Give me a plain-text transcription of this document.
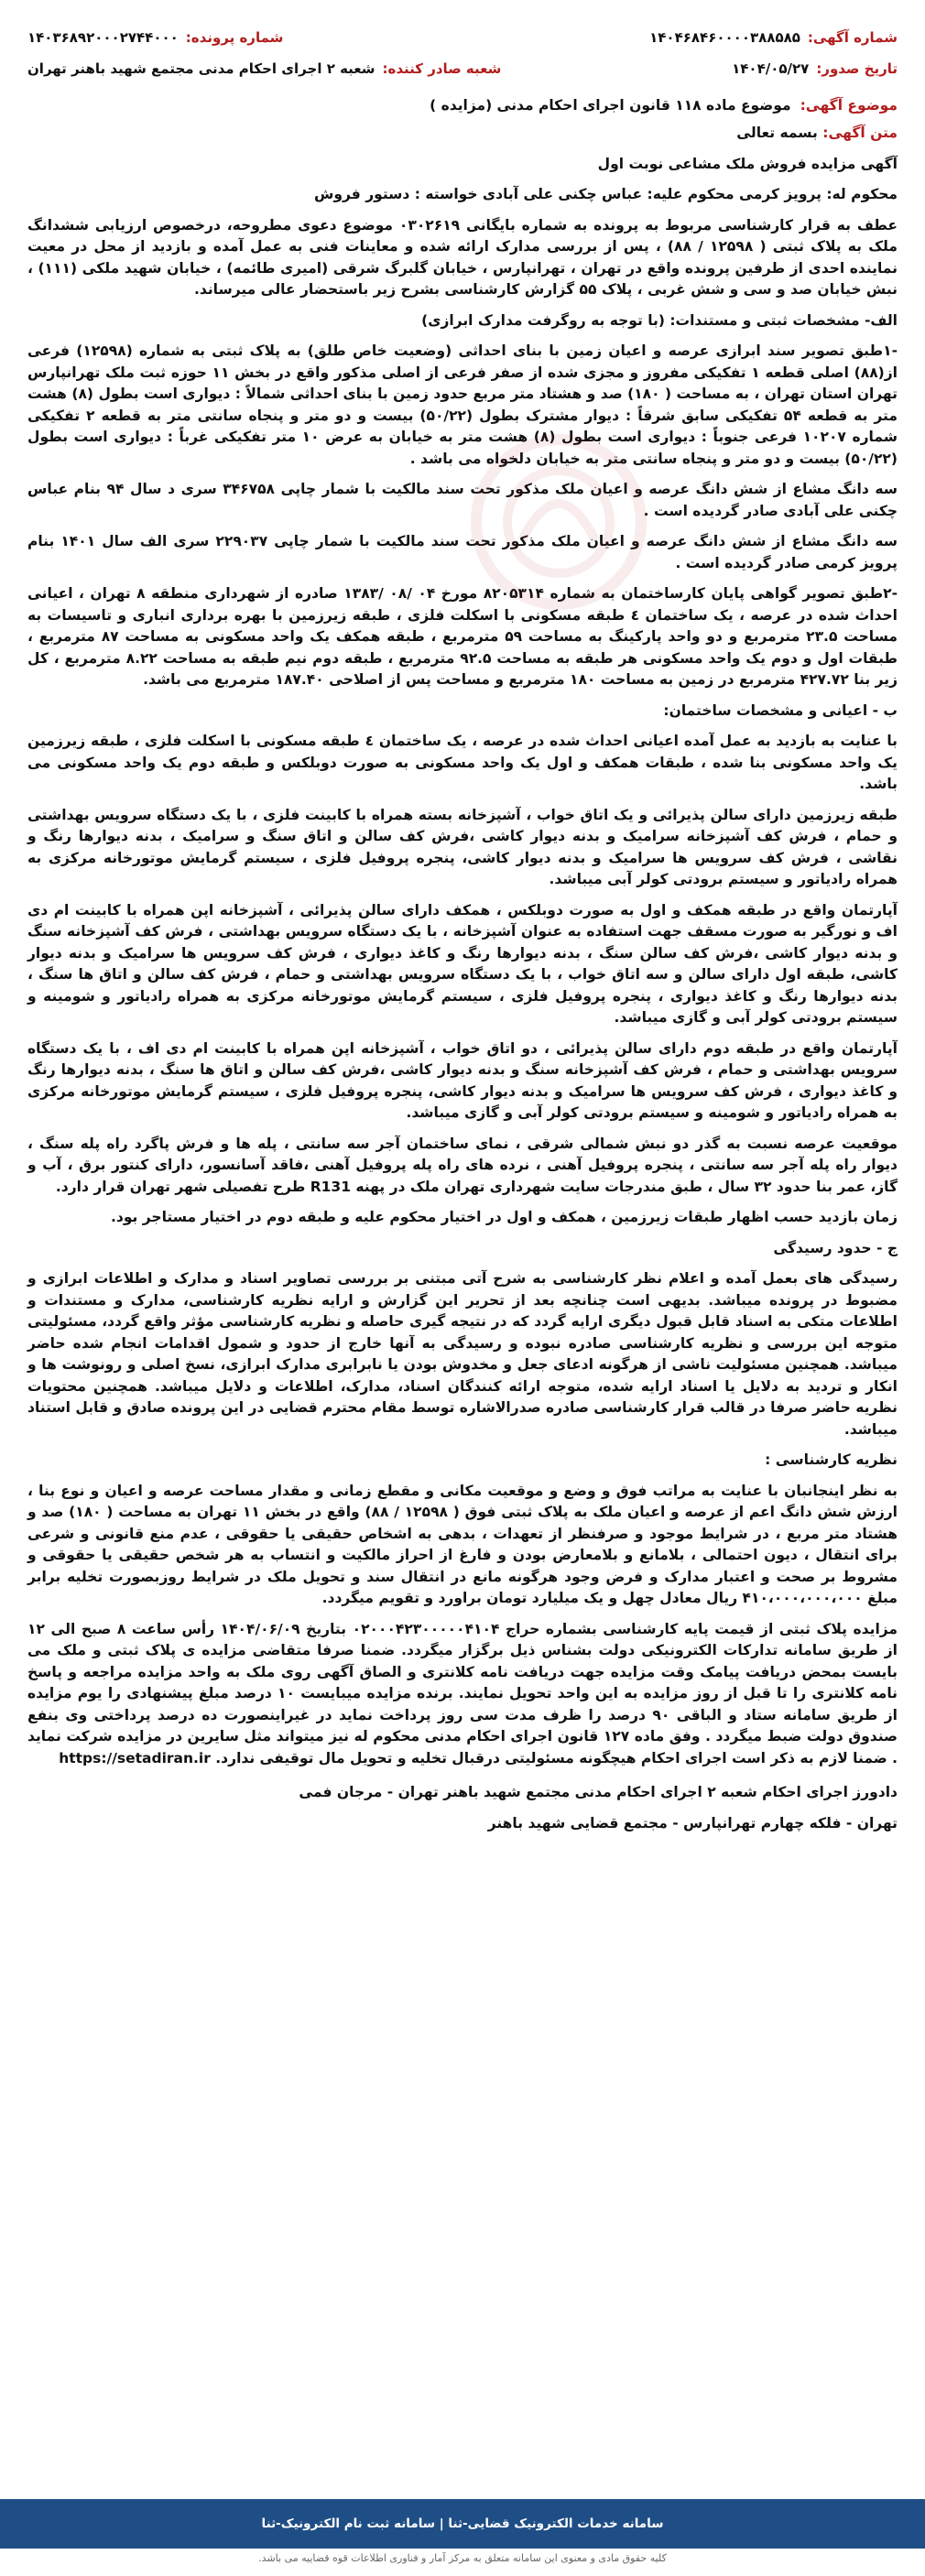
شماره آگهی:
۱۴۰۴۶۸۴۶۰۰۰۰۳۸۸۵۸۵
شماره پرونده:
۱۴۰۳۶۸۹۲۰۰۰۲۷۴۴۰۰۰
تاریخ صدور:
۱۴۰۴/۰۵/۲۷
شعبه صادر کننده:
شعبه ۲ اجرای احکام مدنی مجتمع شهید باهنر تهران
موضوع آگهی:
موضوع ماده ۱۱۸ قانون اجرای احکام مدنی (مزایده )

متن آگهی: بسمه تعالی

آگهی مزایده فروش ملک مشاعی نوبت اول

محکوم له: پرویز کرمی محکوم علیه: عباس چکنی علی آبادی خواسته : دستور فروش

عطف به قرار کارشناسی مربوط به پرونده به شماره بایگانی ۰۳۰۲۶۱۹ موضوع دعوی مطروحه، درخصوص ارزیابی ششدانگ ملک به پلاک ثبتی ( ۱۲۵۹۸ / ۸۸) ، پس از بررسی مدارک ارائه شده و معاینات فنی به عمل آمده و بازدید از محل در معیت نماینده احدی از طرفین پرونده واقع در تهران ، تهرانپارس ، خیابان گلبرگ شرقی (امیری طائمه) ، خیابان شهید ملکی (۱۱۱) ، نبش خیابان صد و سی و شش غربی ، پلاک ۵۵ گزارش کارشناسی بشرح زیر باستحضار عالی میرساند.

الف- مشخصات ثبتی و مستندات: (با توجه به روگرفت مدارک ابرازی)

-۱طبق تصویر سند ابرازی عرصه و اعیان زمین با بنای احداثی (وضعیت خاص طلق) به پلاک ثبتی به شماره (۱۲۵۹۸) فرعی از(۸۸) اصلی قطعه ۱ تفکیکی مفروز و مجزی شده از صفر فرعی از اصلی مذکور واقع در بخش ۱۱ حوزه ثبت ملک تهرانپارس تهران استان تهران ، به مساحت ( ۱۸۰) صد و هشتاد متر مربع حدود زمین با بنای احداثی شمالاً : دیواری است بطول (۸) هشت متر به قطعه ۵۴ تفکیکی سابق شرقاً : دیوار مشترک بطول (۵۰/۲۲) بیست و دو متر و پنجاه سانتی متر به قطعه ۲ تفکیکی شماره ۱۰۲۰۷ فرعی جنوباً : دیواری است بطول (۸) هشت متر به خیابان به عرض ۱۰ متر تفکیکی غرباً : دیواری است بطول (۵۰/۲۲) بیست و دو متر و پنجاه سانتی متر به خیابان دلخواه می باشد .

سه دانگ مشاع از شش دانگ عرصه و اعیان ملک مذکور تحت سند مالکیت با شمار چاپی ۳۴۶۷۵۸ سری د سال ۹۴ بنام عباس چکنی علی آبادی صادر گردیده است .

سه دانگ مشاع از شش دانگ عرصه و اعیان ملک مذکور تحت سند مالکیت با شمار چاپی ۲۲۹۰۳۷ سری الف سال ۱۴۰۱ بنام پرویز کرمی صادر گردیده است .

-۲طبق تصویر گواهی پایان کارساختمان به شماره ۸۲۰۵۳۱۴ مورخ ۰۴ /۰۸ /۱۳۸۳ صادره از شهرداری منطقه ۸ تهران ، اعیانی احداث شده در عرصه ، یک ساختمان ٤ طبقه مسکونی با اسکلت فلزی ، طبقه زیرزمین با بهره برداری انباری و تاسیسات به مساحت ۲۳.۵ مترمربع و دو واحد پارکینگ به مساحت ۵۹ مترمربع ، طبقه همکف یک واحد مسکونی به مساحت ۸۷ مترمربع ، طبقات اول و دوم یک واحد مسکونی هر طبقه به مساحت ۹۲.۵ مترمربع ، طبقه دوم نیم طبقه به مساحت ۸.۲۲ مترمربع ، کل زیر بنا ۴۲۷.۷۲ مترمربع در زمین به مساحت ۱۸۰ مترمربع و مساحت پس از اصلاحی ۱۸۷.۴۰ مترمربع می باشد.

ب - اعیانی و مشخصات ساختمان:

با عنایت به بازدید به عمل آمده اعیانی احداث شده در عرصه ، یک ساختمان ٤ طبقه مسکونی با اسکلت فلزی ، طبقه زیرزمین یک واحد مسکونی بنا شده ، طبقات همکف و اول یک واحد مسکونی به صورت دوبلکس و طبقه دوم یک واحد مسکونی می باشد.

طبقه زیرزمین دارای سالن پذیرائی و یک اتاق خواب ، آشپزخانه بسته همراه با کابینت فلزی ، با یک دستگاه سرویس بهداشتی و حمام ، فرش کف آشپزخانه سرامیک و بدنه دیوار کاشی ،فرش کف سالن و اتاق سنگ و سرامیک ، بدنه دیوارها رنگ و نقاشی ، فرش کف سرویس ها سرامیک و بدنه دیوار کاشی، پنجره پروفیل فلزی ، سیستم گرمایش موتورخانه مرکزی به همراه رادیاتور و سیستم برودتی کولر آبی میباشد.

آپارتمان واقع در طبقه همکف و اول به صورت دوبلکس ، همکف دارای سالن پذیرائی ، آشپزخانه اپن همراه با کابینت ام دی اف و نورگیر به صورت مسقف جهت استفاده به عنوان آشپزخانه ، با یک دستگاه سرویس بهداشتی ، فرش کف آشپزخانه سنگ و بدنه دیوار کاشی ،فرش کف سالن سنگ ، بدنه دیوارها رنگ و کاغذ دیواری ، فرش کف سرویس ها سرامیک و بدنه دیوار کاشی، طبقه اول دارای سالن و سه اتاق خواب ، با یک دستگاه سرویس بهداشتی و حمام ، فرش کف سالن و اتاق ها سنگ ، بدنه دیوارها رنگ و کاغذ دیواری ، پنجره پروفیل فلزی ، سیستم گرمایش موتورخانه مرکزی به همراه رادیاتور و شومینه و سیستم برودتی کولر آبی و گازی میباشد.

آپارتمان واقع در طبقه دوم دارای سالن پذیرائی ، دو اتاق خواب ، آشپزخانه اپن همراه با کابینت ام دی اف ، با یک دستگاه سرویس بهداشتی و حمام ، فرش کف آشپزخانه سنگ و بدنه دیوار کاشی ،فرش کف سالن و اتاق ها سنگ ، بدنه دیوارها رنگ و کاغذ دیواری ، فرش کف سرویس ها سرامیک و بدنه دیوار کاشی، پنجره پروفیل فلزی ، سیستم گرمایش موتورخانه مرکزی به همراه رادیاتور و شومینه و سیستم برودتی کولر آبی و گازی میباشد.

موقعیت عرصه نسبت به گذر دو نبش شمالی شرقی ، نمای ساختمان آجر سه سانتی ، پله ها و فرش پاگرد راه پله سنگ ، دیوار راه پله آجر سه سانتی ، پنجره پروفیل آهنی ، نرده های راه پله پروفیل آهنی ،فاقد آسانسور، دارای کنتور برق ، آب و گاز، عمر بنا حدود ۳۲ سال ، طبق مندرجات سایت شهرداری تهران ملک در پهنه R131 طرح تفصیلی شهر تهران قرار دارد.

زمان بازدید حسب اظهار طبقات زیرزمین ، همکف و اول در اختیار محکوم علیه و طبقه دوم در اختیار مستاجر بود.

ج - حدود رسیدگی

رسیدگی های بعمل آمده و اعلام نظر کارشناسی به شرح آتی مبتنی بر بررسی تصاویر اسناد و مدارک و اطلاعات ابرازی و مضبوط در پرونده میباشد. بدیهی است چنانچه بعد از تحریر این گزارش و ارایه نظریه کارشناسی، مدارک و مستندات و اطلاعات متکی به اسناد قابل قبول دیگری ارایه گردد که در نتیجه گیری حاصله و نظریه کارشناسی مؤثر واقع گردد، مسئولیتی متوجه این بررسی و نظریه کارشناسی صادره نبوده و رسیدگی به آنها خارج از حدود و شمول اقدامات انجام شده حاضر میباشد. همچنین مسئولیت ناشی از هرگونه ادعای جعل و مخدوش بودن یا نابرابری مدارک ابرازی، نسخ اصلی و رونوشت ها و انکار و تردید به دلایل یا اسناد ارایه شده، متوجه ارائه کنندگان اسناد، مدارک، اطلاعات و دلایل میباشد. همچنین محتویات نظریه حاضر صرفا در قالب قرار کارشناسی صادره صدرالاشاره توسط مقام محترم قضایی در این پرونده صادق و قابل استناد میباشد.

نظریه کارشناسی :

به نظر اینجانبان با عنایت به مراتب فوق و وضع و موقعیت مکانی و مقطع زمانی و مقدار مساحت عرصه و اعیان و نوع بنا ، ارزش شش دانگ اعم از عرصه و اعیان ملک به پلاک ثبتی فوق ( ۱۲۵۹۸ / ۸۸) واقع در بخش ۱۱ تهران به مساحت ( ۱۸۰) صد و هشتاد متر مربع ، در شرایط موجود و صرفنظر از تعهدات ، بدهی به اشخاص حقیقی یا حقوقی ، عدم منع قانونی و شرعی برای انتقال ، دیون احتمالی ، بلامانع و بلامعارض بودن و فارغ از احراز مالکیت و انتساب به هر شخص حقیقی یا حقوقی و مشروط بر صحت و اعتبار مدارک و فرض وجود هرگونه مانع در انتقال سند و تحویل ملک در شرایط روزبصورت تخلیه برابر مبلغ ۴۱۰،۰۰۰،۰۰۰،۰۰۰ ریال معادل چهل و یک میلیارد تومان براورد و تقویم میگردد.

مزایده پلاک ثبتی از قیمت پایه کارشناسی بشماره حراج ۰۲۰۰۰۴۲۳۰۰۰۰۰۴۱۰۴ بتاریخ ۱۴۰۴/۰۶/۰۹ رأس ساعت ۸ صبح الی ۱۲ از طریق سامانه تدارکات الکترونیکی دولت بشناس ذیل برگزار میگردد. ضمنا صرفا متقاضی مزایده ی پلاک ثبتی و ملک می بایست بمحض دریافت پیامک وقت مزایده جهت دریافت نامه کلانتری و الصاق آگهی روی ملک به واحد مزایده مراجعه و پاسخ نامه کلانتری را تا قبل از روز مزایده به این واحد تحویل نمایند. برنده مزایده میبایست ۱۰ درصد مبلغ پیشنهادی را یوم مزایده از طریق سامانه ستاد و الباقی ۹۰ درصد را ظرف مدت سی روز پرداخت نماید در غیراینصورت ده درصد پرداختی وی بنفع صندوق دولت ضبط میگردد . وفق ماده ۱۲۷ قانون اجرای احکام مدنی محکوم له نیز میتواند مثل سایرین در مزایده شرکت نماید . ضمنا لازم به ذکر است اجرای احکام هیچگونه مسئولیتی درقبال تخلیه و تحویل مال توقیفی ندارد. https://setadiran.ir

دادورز اجرای احکام شعبه ۲ اجرای احکام مدنی مجتمع شهید باهنر تهران - مرجان فمی

تهران - فلکه چهارم تهرانپارس - مجتمع قضایی شهید باهنر

سامانه خدمات الکترونیک قضایی-ثنا | سامانه ثبت نام الکترونیک-ثنا
کلیه حقوق مادی و معنوی این سامانه متعلق به مرکز آمار و فناوری اطلاعات قوه قضاییه می باشد.
